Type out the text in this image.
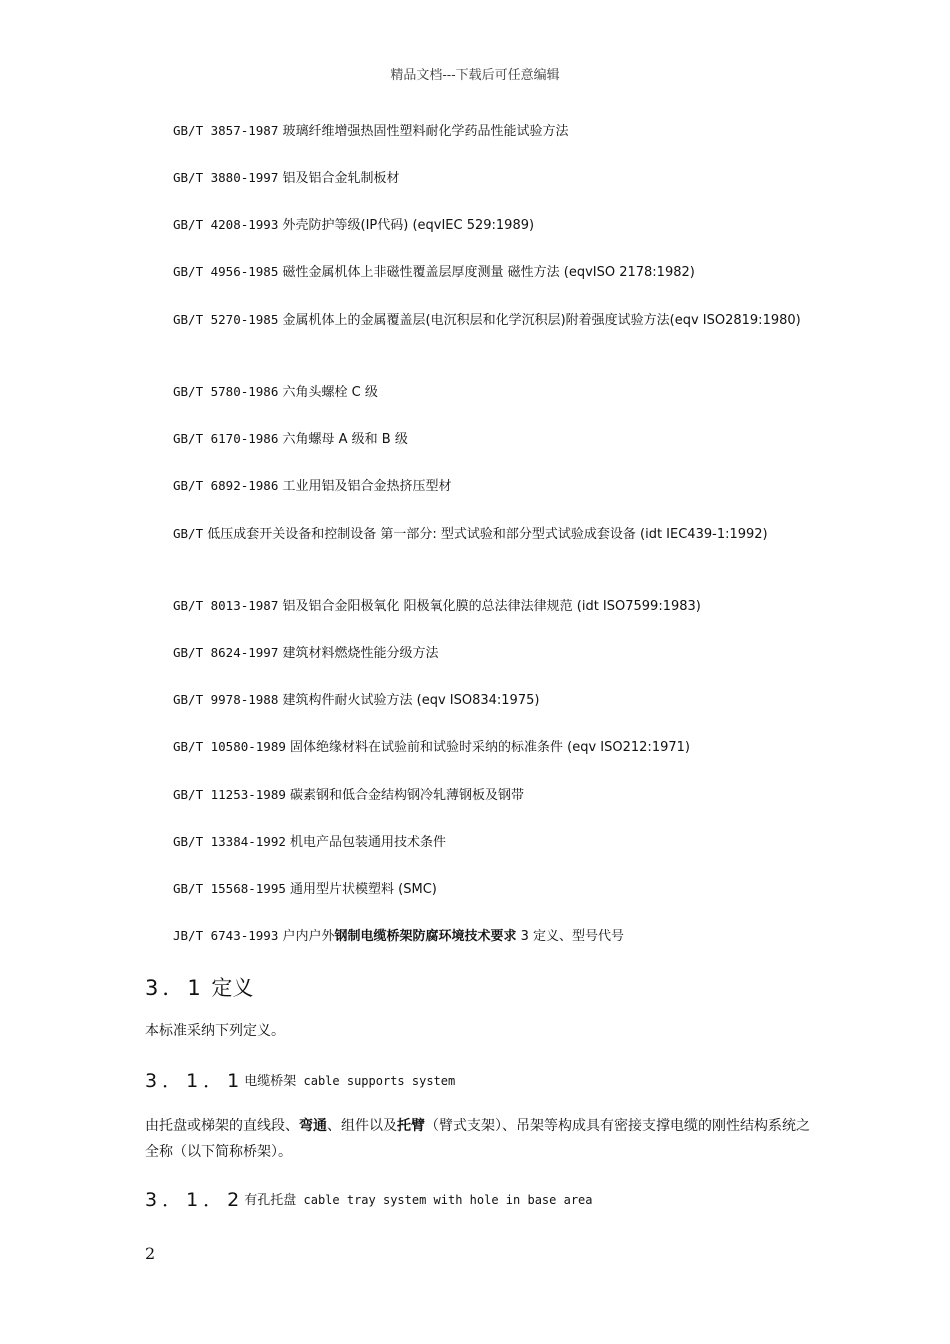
精品文档---下载后可任意编辑
GB/T 3857-1987 玻璃纤维增强热固性塑料耐化学药品性能试验方法
GB/T 3880-1997 铝及铝合金轧制板材
GB/T 4208-1993 外壳防护等级(IP代码) (eqvIEC 529:1989)
GB/T 4956-1985 磁性金属机体上非磁性覆盖层厚度测量 磁性方法 (eqvISO 2178:1982)
GB/T 5270-1985 金属机体上的金属覆盖层(电沉积层和化学沉积层)附着强度试验方法(eqv ISO2819:1980)
GB/T 5780-1986 六角头螺栓 C 级
GB/T 6170-1986 六角螺母 A 级和 B 级
GB/T 6892-1986 工业用铝及铝合金热挤压型材
GB/T 低压成套开关设备和控制设备 第一部分: 型式试验和部分型式试验成套设备 (idt IEC439-1:1992)
GB/T 8013-1987 铝及铝合金阳极氧化 阳极氧化膜的总法律法律规范 (idt ISO7599:1983)
GB/T 8624-1997 建筑材料燃烧性能分级方法
GB/T 9978-1988 建筑构件耐火试验方法 (eqv ISO834:1975)
GB/T 10580-1989 固体绝缘材料在试验前和试验时采纳的标准条件 (eqv ISO212:1971)
GB/T 11253-1989 碳素钢和低合金结构钢冷轧薄钢板及钢带
GB/T 13384-1992 机电产品包装通用技术条件
GB/T 15568-1995 通用型片状模塑料 (SMC)
JB/T 6743-1993 户内户外钢制电缆桥架防腐环境技术要求 3 定义、型号代号
3．1 定义
本标准采纳下列定义。
3．1．1电缆桥架 cable supports system
由托盘或梯架的直线段、弯通、组件以及托臂（臂式支架）、吊架等构成具有密接支撑电缆的刚性结构系统之全称（以下简称桥架）。
3．1．2有孔托盘 cable tray system with hole in base area
2
